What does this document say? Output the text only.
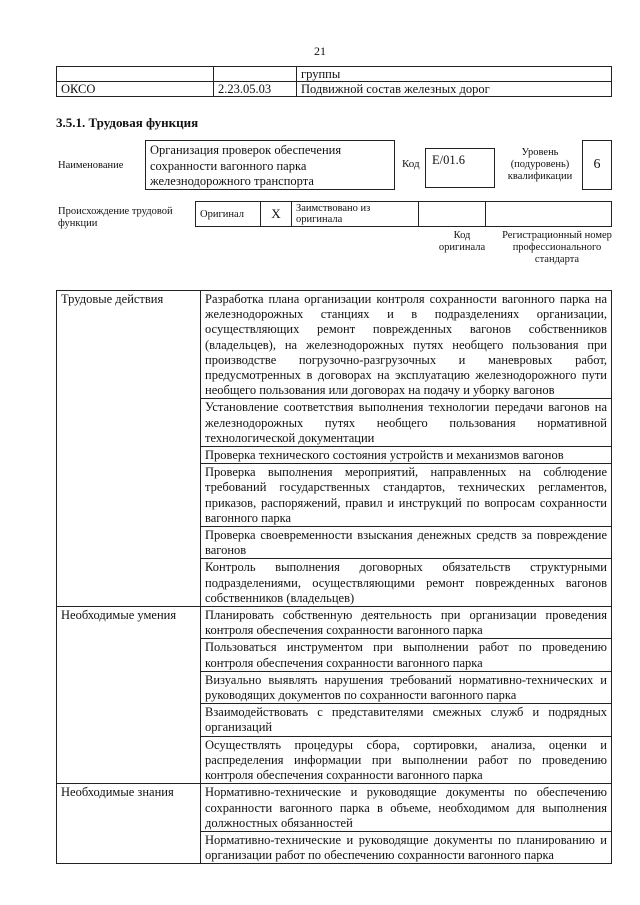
21
		группы
ОКСО	2.23.05.03	Подвижной состав железных дорог
3.5.1. Трудовая функция
Наименование
Организация проверок обеспечения сохранности вагонного парка железнодорожного транспорта
Код E/01.6
Уровень (подуровень) квалификации
6
Происхождение трудовой функции
Оригинал	X	Заимствовано из оригинала		
Код оригинала
Регистрационный номер профессионального стандарта
Трудовые действия	Разработка плана организации контроля сохранности вагонного парка на железнодорожных станциях и в подразделениях организации, осуществляющих ремонт поврежденных вагонов собственников (владельцев), на железнодорожных путях необщего пользования при производстве погрузочно-разгрузочных и маневровых работ, предусмотренных в договорах на эксплуатацию железнодорожного пути необщего пользования или договорах на подачу и уборку вагонов
	Установление соответствия выполнения технологии передачи вагонов на железнодорожных путях необщего пользования нормативной технологической документации
	Проверка технического состояния устройств и механизмов вагонов
	Проверка выполнения мероприятий, направленных на соблюдение требований государственных стандартов, технических регламентов, приказов, распоряжений, правил и инструкций по вопросам сохранности вагонного парка
	Проверка своевременности взыскания денежных средств за повреждение вагонов
	Контроль выполнения договорных обязательств структурными подразделениями, осуществляющими ремонт поврежденных вагонов собственников (владельцев)
Необходимые умения	Планировать собственную деятельность при организации проведения контроля обеспечения сохранности вагонного парка
	Пользоваться инструментом при выполнении работ по проведению контроля обеспечения сохранности вагонного парка
	Визуально выявлять нарушения требований нормативно-технических и руководящих документов по сохранности вагонного парка
	Взаимодействовать с представителями смежных служб и подрядных организаций
	Осуществлять процедуры сбора, сортировки, анализа, оценки и распределения информации при выполнении работ по проведению контроля обеспечения сохранности вагонного парка
Необходимые знания	Нормативно-технические и руководящие документы по обеспечению сохранности вагонного парка в объеме, необходимом для выполнения должностных обязанностей
	Нормативно-технические и руководящие документы по планированию и организации работ по обеспечению сохранности вагонного парка
